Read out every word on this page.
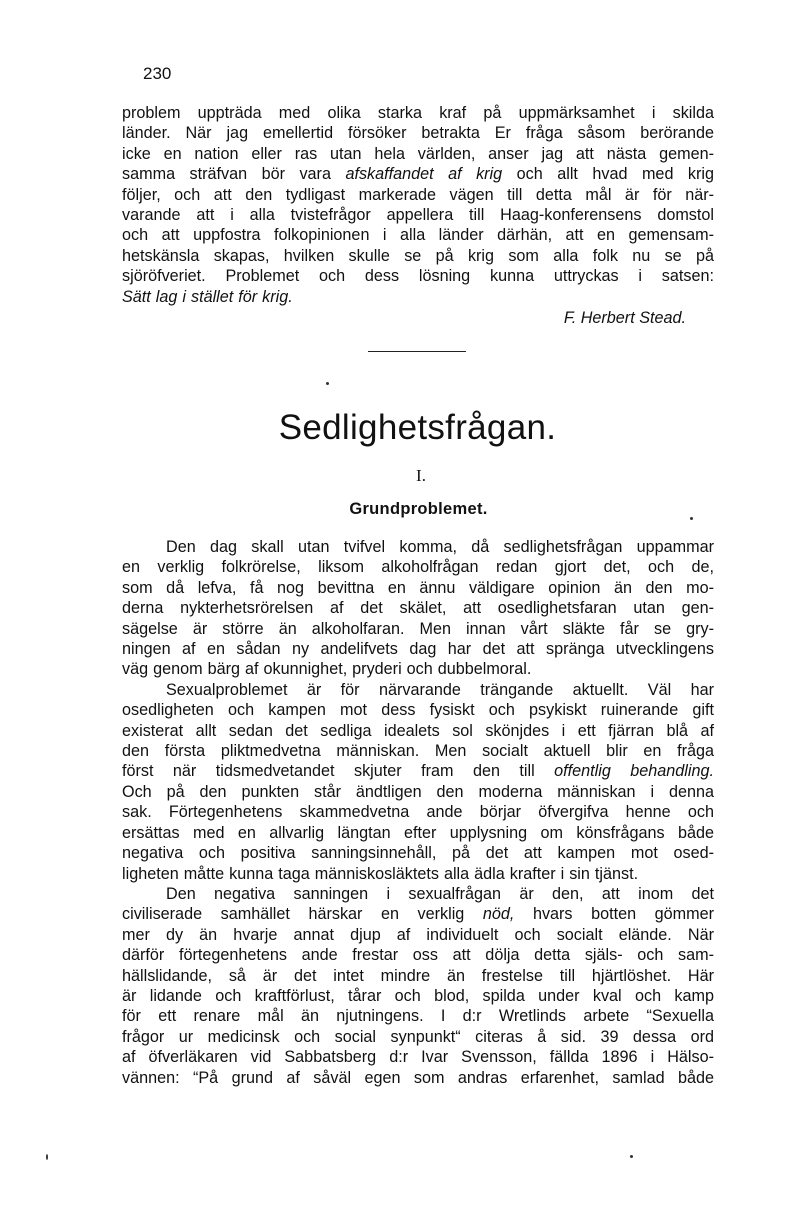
230
problem uppträda med olika starka kraf på uppmärksamhet i skilda
länder. När jag emellertid försöker betrakta Er fråga såsom berörande
icke en nation eller ras utan hela världen, anser jag att nästa gemen-
samma sträfvan bör vara afskaffandet af krig och allt hvad med krig
följer, och att den tydligast markerade vägen till detta mål är för när-
varande att i alla tvistefrågor appellera till Haag-konferensens domstol
och att uppfostra folkopinionen i alla länder därhän, att en gemensam-
hetskänsla skapas, hvilken skulle se på krig som alla folk nu se på
sjöröfveriet. Problemet och dess lösning kunna uttryckas i satsen:
Sätt lag i stället för krig.
F. Herbert Stead.
Sedlighetsfrågan.
I.
Grundproblemet.
Den dag skall utan tvifvel komma, då sedlighetsfrågan uppammar
en verklig folkrörelse, liksom alkoholfrågan redan gjort det, och de,
som då lefva, få nog bevittna en ännu väldigare opinion än den mo-
derna nykterhetsrörelsen af det skälet, att osedlighetsfaran utan gen-
sägelse är större än alkoholfaran. Men innan vårt släkte får se gry-
ningen af en sådan ny andelifvets dag har det att spränga utvecklingens
väg genom bärg af okunnighet, pryderi och dubbelmoral.
Sexualproblemet är för närvarande trängande aktuellt. Väl har
osedligheten och kampen mot dess fysiskt och psykiskt ruinerande gift
existerat allt sedan det sedliga idealets sol skönjdes i ett fjärran blå af
den första pliktmedvetna människan. Men socialt aktuell blir en fråga
först när tidsmedvetandet skjuter fram den till offentlig behandling.
Och på den punkten står ändtligen den moderna människan i denna
sak. Förtegenhetens skammedvetna ande börjar öfvergifva henne och
ersättas med en allvarlig längtan efter upplysning om könsfrågans både
negativa och positiva sanningsinnehåll, på det att kampen mot osed-
ligheten måtte kunna taga människosläktets alla ädla krafter i sin tjänst.
Den negativa sanningen i sexualfrågan är den, att inom det
civiliserade samhället härskar en verklig nöd, hvars botten gömmer
mer dy än hvarje annat djup af individuelt och socialt elände. När
därför förtegenhetens ande frestar oss att dölja detta själs- och sam-
hällslidande, så är det intet mindre än frestelse till hjärtlöshet. Här
är lidande och kraftförlust, tårar och blod, spilda under kval och kamp
för ett renare mål än njutningens. I d:r Wretlinds arbete “Sexuella
frågor ur medicinsk och social synpunkt“ citeras å sid. 39 dessa ord
af öfverläkaren vid Sabbatsberg d:r Ivar Svensson, fällda 1896 i Hälso-
vännen: “På grund af såväl egen som andras erfarenhet, samlad både
